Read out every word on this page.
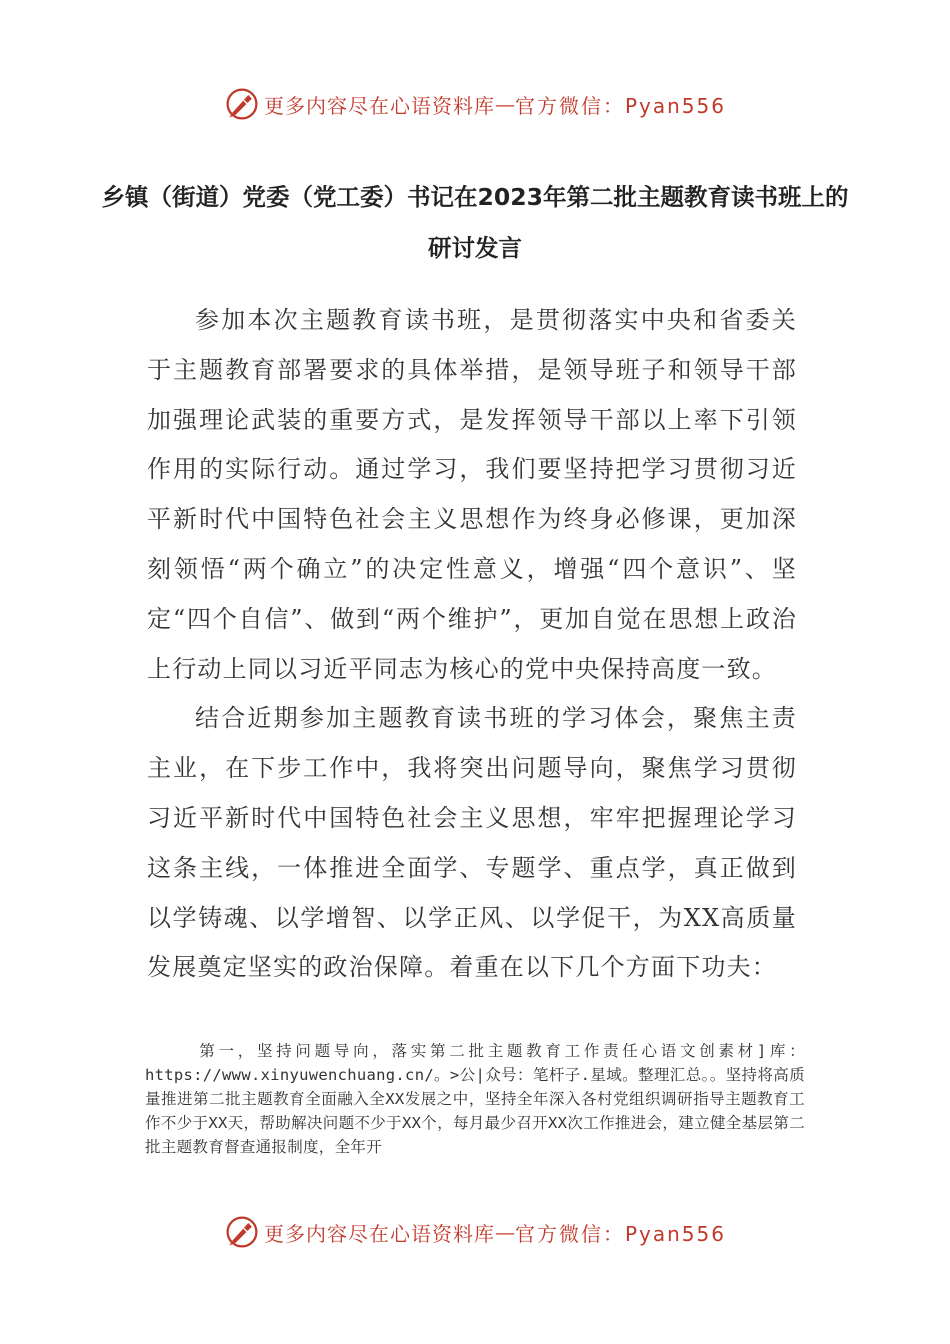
更多内容尽在心语资料库 — 官方微信：Pyan556
乡镇（街道）党委（党工委）书记在2023年第二批主题教育读书班上的研讨发言

参加本次主题教育读书班，是贯彻落实中央和省委关于主题教育部署要求的具体举措，是领导班子和领导干部加强理论武装的重要方式，是发挥领导干部以上率下引领作用的实际行动。通过学习，我们要坚持把学习贯彻习近平新时代中国特色社会主义思想作为终身必修课，更加深刻领悟“两个确立”的决定性意义，增强“四个意识”、坚定“四个自信”、做到“两个维护”，更加自觉在思想上政治上行动上同以习近平同志为核心的党中央保持高度一致。

结合近期参加主题教育读书班的学习体会，聚焦主责主业，在下步工作中，我将突出问题导向，聚焦学习贯彻习近平新时代中国特色社会主义思想，牢牢把握理论学习这条主线，一体推进全面学、专题学、重点学，真正做到以学铸魂、以学增智、以学正风、以学促干，为XX高质量发展奠定坚实的政治保障。着重在以下几个方面下功夫：

第一，坚持问题导向，落实第二批主题教育工作责任心语文创素材]库：https://www.xinyuwenchuang.cn/。>公|众号：笔杆子.星域。整理汇总。。坚持将高质量推进第二批主题教育全面融入全XX发展之中，坚持全年深入各村党组织调研指导主题教育工作不少于XX天，帮助解决问题不少于XX个，每月最少召开XX次工作推进会，建立健全基层第二批主题教育督查通报制度，全年开

更多内容尽在心语资料库 — 官方微信：Pyan556
